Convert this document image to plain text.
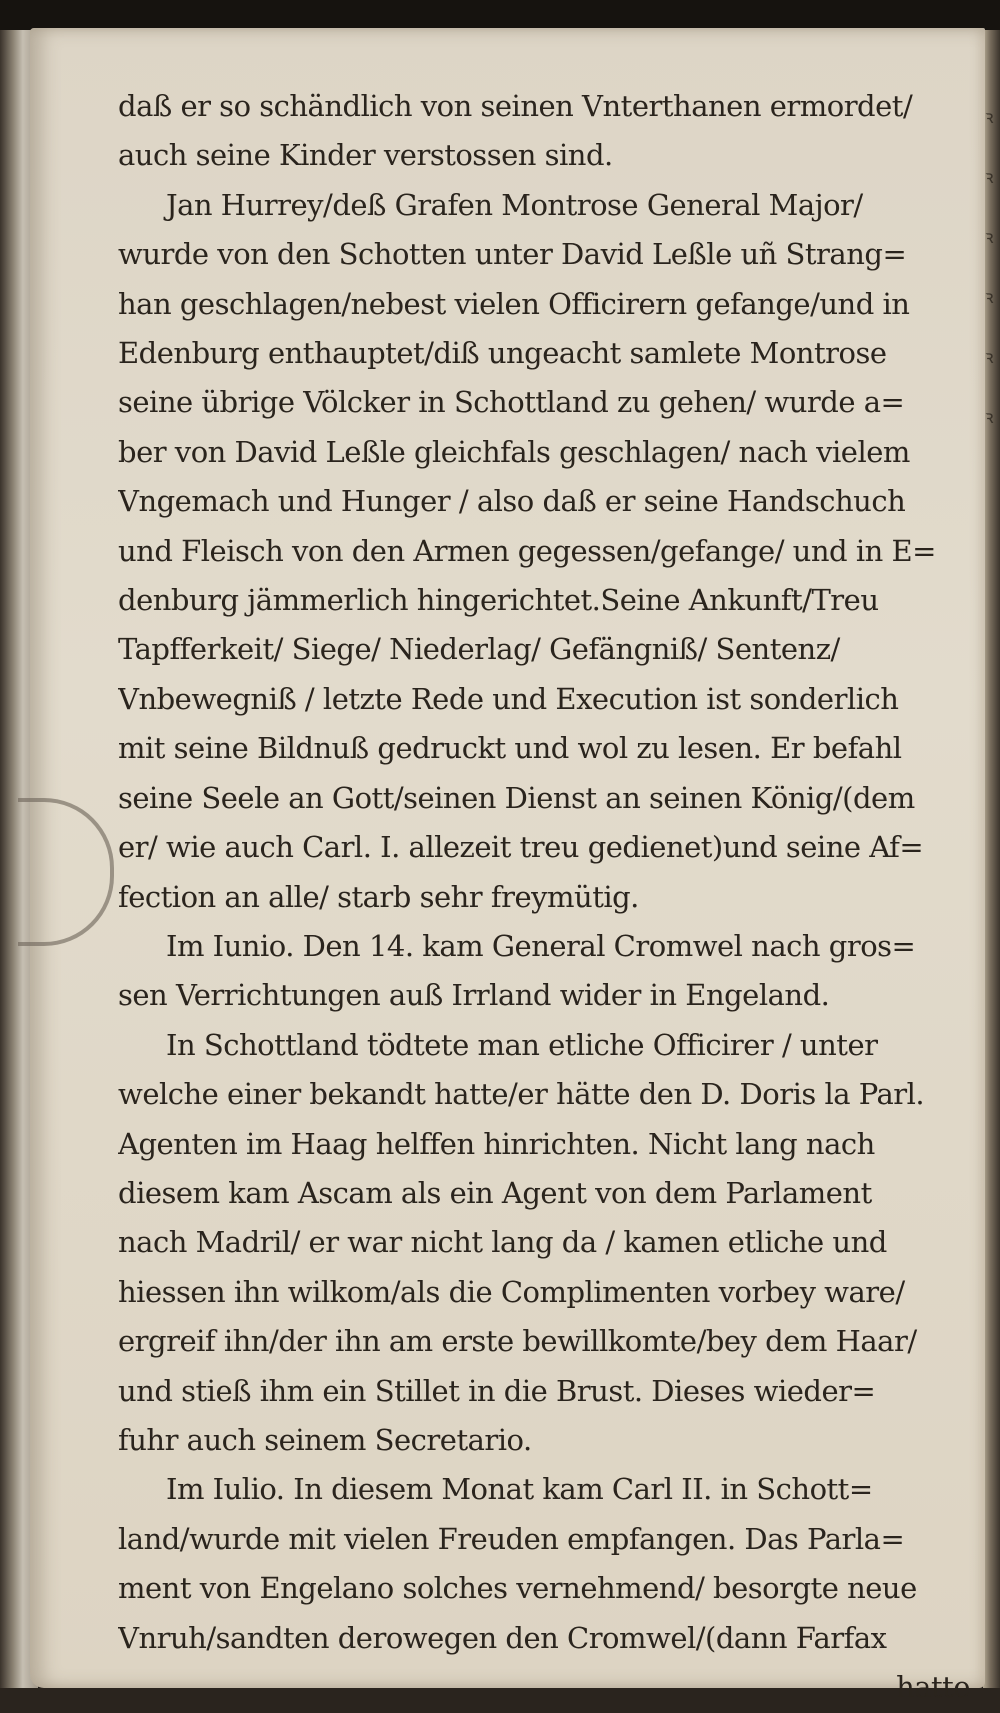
ꝛ
ꝛ
ꝛ
ꝛ
ꝛ
ꝛ
daß er so schändlich von seinen Vnterthanen ermordet/
auch seine Kinder verstossen sind.
Jan Hurrey/deß Grafen Montrose General Major/
wurde von den Schotten unter David Leßle uñ Strang=
han geschlagen/nebest vielen Officirern gefange/und in
Edenburg enthauptet/diß ungeacht samlete Montrose
seine übrige Völcker in Schottland zu gehen/ wurde a=
ber von David Leßle gleichfals geschlagen/ nach vielem
Vngemach und Hunger / also daß er seine Handschuch
und Fleisch von den Armen gegessen/gefange/ und in E=
denburg jämmerlich hingerichtet.Seine Ankunft/Treu
Tapfferkeit/ Siege/ Niederlag/ Gefängniß/ Sentenz/
Vnbewegniß / letzte Rede und Execution ist sonderlich
mit seine Bildnuß gedruckt und wol zu lesen. Er befahl
seine Seele an Gott/seinen Dienst an seinen König/(dem
er/ wie auch Carl. I. allezeit treu gedienet)und seine Af=
fection an alle/ starb sehr freymütig.
Im Iunio. Den 14. kam General Cromwel nach gros=
sen Verrichtungen auß Irrland wider in Engeland.
In Schottland tödtete man etliche Officirer / unter
welche einer bekandt hatte/er hätte den D. Doris la Parl.
Agenten im Haag helffen hinrichten. Nicht lang nach
diesem kam Ascam als ein Agent von dem Parlament
nach Madril/ er war nicht lang da / kamen etliche und
hiessen ihn wilkom/als die Complimenten vorbey ware/
ergreif ihn/der ihn am erste bewillkomte/bey dem Haar/
und stieß ihm ein Stillet in die Brust. Dieses wieder=
fuhr auch seinem Secretario.
Im Iulio. In diesem Monat kam Carl II. in Schott=
land/wurde mit vielen Freuden empfangen. Das Parla=
ment von Engelano solches vernehmend/ besorgte neue
Vnruh/sandten derowegen den Cromwel/(dann Farfax
hatte
